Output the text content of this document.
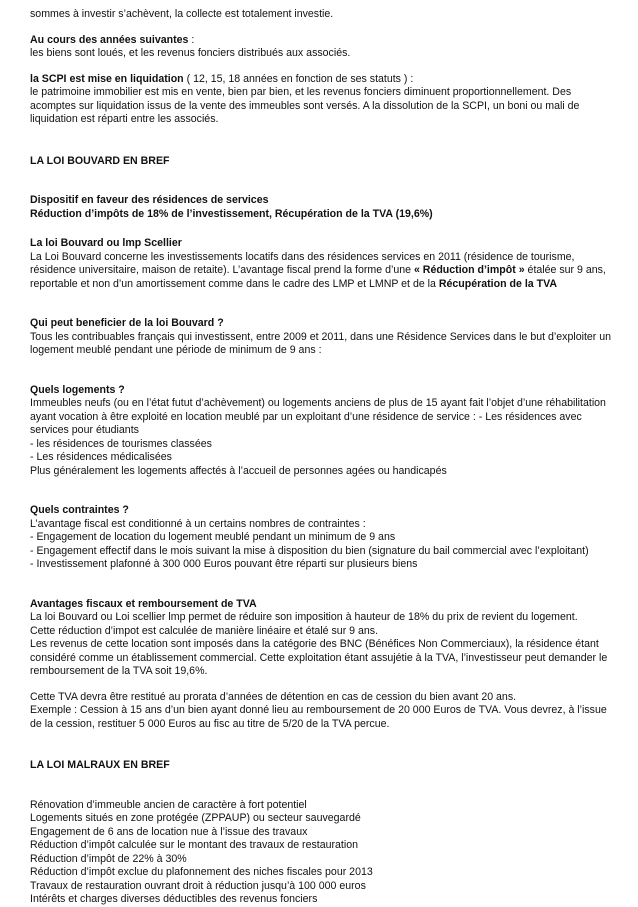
sommes à investir s’achèvent, la collecte est totalement investie.

Au cours des années suivantes :

les biens sont loués, et les revenus fonciers distribués aux associés.

la SCPI est mise en liquidation ( 12, 15, 18 années en fonction de ses statuts ) :

le patrimoine immobilier est mis en vente, bien par bien, et les revenus fonciers diminuent proportionnellement. Des acomptes sur liquidation issus de la vente des immeubles sont versés. A la dissolution de la SCPI, un boni ou mali de liquidation est réparti entre les associés.

LA LOI BOUVARD EN BREF

Dispositif en faveur des résidences de services

Réduction d’impôts de 18% de l’investissement, Récupération de la TVA (19,6%)

La loi Bouvard ou lmp Scellier

La Loi Bouvard concerne les investissements locatifs dans des résidences services en 2011 (résidence de tourisme, résidence universitaire, maison de retaite). L’avantage fiscal prend la forme d’une « Réduction d’impôt » étalée sur 9 ans, reportable et non d’un amortissement comme dans le cadre des LMP et LMNP et de la Récupération de la TVA

Qui peut beneficier de la loi Bouvard ?

Tous les contribuables français qui investissent, entre 2009 et 2011, dans une Résidence Services dans le but d’exploiter un logement meublé pendant une période de minimum de 9 ans :

Quels logements ?

Immeubles neufs (ou en l’état futut d’achèvement) ou logements anciens de plus de 15 ayant fait l’objet d’une réhabilitation ayant vocation à être exploité en location meublé par un exploitant d’une résidence de service : - Les résidences avec services pour étudiants

- les résidences de tourismes classées

- Les résidences médicalisées

Plus généralement les logements affectés à l’accueil de personnes agées ou handicapés

Quels contraintes ?

L’avantage fiscal est conditionné à un certains nombres de contraintes :

- Engagement de location du logement meublé pendant un minimum de 9 ans

- Engagement effectif dans le mois suivant la mise à disposition du bien (signature du bail commercial avec l’exploitant)

- Investissement plafonné à 300 000 Euros pouvant être réparti sur plusieurs biens

Avantages fiscaux et remboursement de TVA

La loi Bouvard ou Loi scellier lmp permet de réduire son imposition à hauteur de 18% du prix de revient du logement.

Cette réduction d’impot est calculée de manière linéaire et étalé sur 9 ans.

Les revenus de cette location sont imposés dans la catégorie des BNC (Bénéfices Non Commerciaux), la résidence étant considéré comme un établissement commercial. Cette exploitation étant assujétie à la TVA, l’investisseur peut demander le remboursement de la TVA soit 19,6%.

Cette TVA devra être restitué au prorata d’années de détention en cas de cession du bien avant 20 ans.

Exemple : Cession à 15 ans d’un bien ayant donné lieu au remboursement de 20 000 Euros de TVA. Vous devrez, à l’issue de la cession, restituer 5 000 Euros au fisc au titre de 5/20 de la TVA percue.

LA LOI MALRAUX EN BREF

Rénovation d’immeuble ancien de caractère à fort potentiel

Logements situés en zone protégée (ZPPAUP) ou secteur sauvegardé

Engagement de 6 ans de location nue à l’issue des travaux

Réduction d’impôt calculée sur le montant des travaux de restauration

Réduction d’impôt de 22% à 30%

Réduction d’impôt exclue du plafonnement des niches fiscales pour 2013

Travaux de restauration ouvrant droit à réduction jusqu’à 100 000 euros

Intérêts et charges diverses déductibles des revenus fonciers
